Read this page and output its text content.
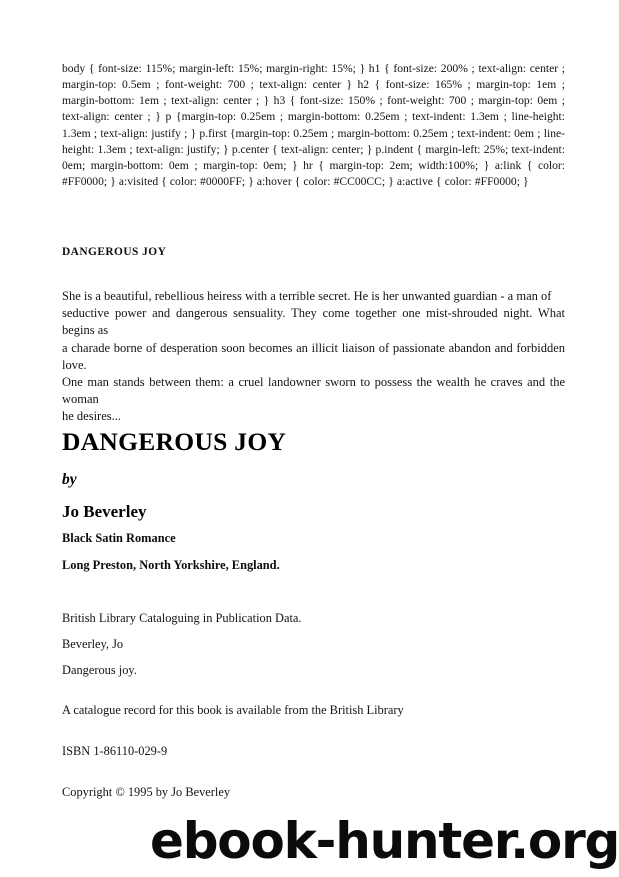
body { font-size: 115%; margin-left: 15%; margin-right: 15%; } h1 { font-size: 200% ; text-align: center ; margin-top: 0.5em ; font-weight: 700 ; text-align: center } h2 { font-size: 165% ; margin-top: 1em ; margin-bottom: 1em ; text-align: center ; } h3 { font-size: 150% ; font-weight: 700 ; margin-top: 0em ; text-align: center ; } p {margin-top: 0.25em ; margin-bottom: 0.25em ; text-indent: 1.3em ; line-height: 1.3em ; text-align: justify ; } p.first {margin-top: 0.25em ; margin-bottom: 0.25em ; text-indent: 0em ; line-height: 1.3em ; text-align: justify; } p.center { text-align: center; } p.indent { margin-left: 25%; text-indent: 0em; margin-bottom: 0em ; margin-top: 0em; } hr { margin-top: 2em; width:100%; } a:link { color: #FF0000; } a:visited { color: #0000FF; } a:hover { color: #CC00CC; } a:active { color: #FF0000; }
DANGEROUS JOY
She is a beautiful, rebellious heiress with a terrible secret. He is her unwanted guardian - a man of
seductive power and dangerous sensuality. They come together one mist-shrouded night. What begins as
a charade borne of desperation soon becomes an illicit liaison of passionate abandon and forbidden love.
One man stands between them: a cruel landowner sworn to possess the wealth he craves and the woman
he desires...
DANGEROUS JOY
by
Jo Beverley
Black Satin Romance
Long Preston, North Yorkshire, England.
British Library Cataloguing in Publication Data.
Beverley, Jo
Dangerous joy.
A catalogue record for this book is available from the British Library
ISBN 1-86110-029-9
Copyright © 1995 by Jo Beverley
ebook-hunter.org
